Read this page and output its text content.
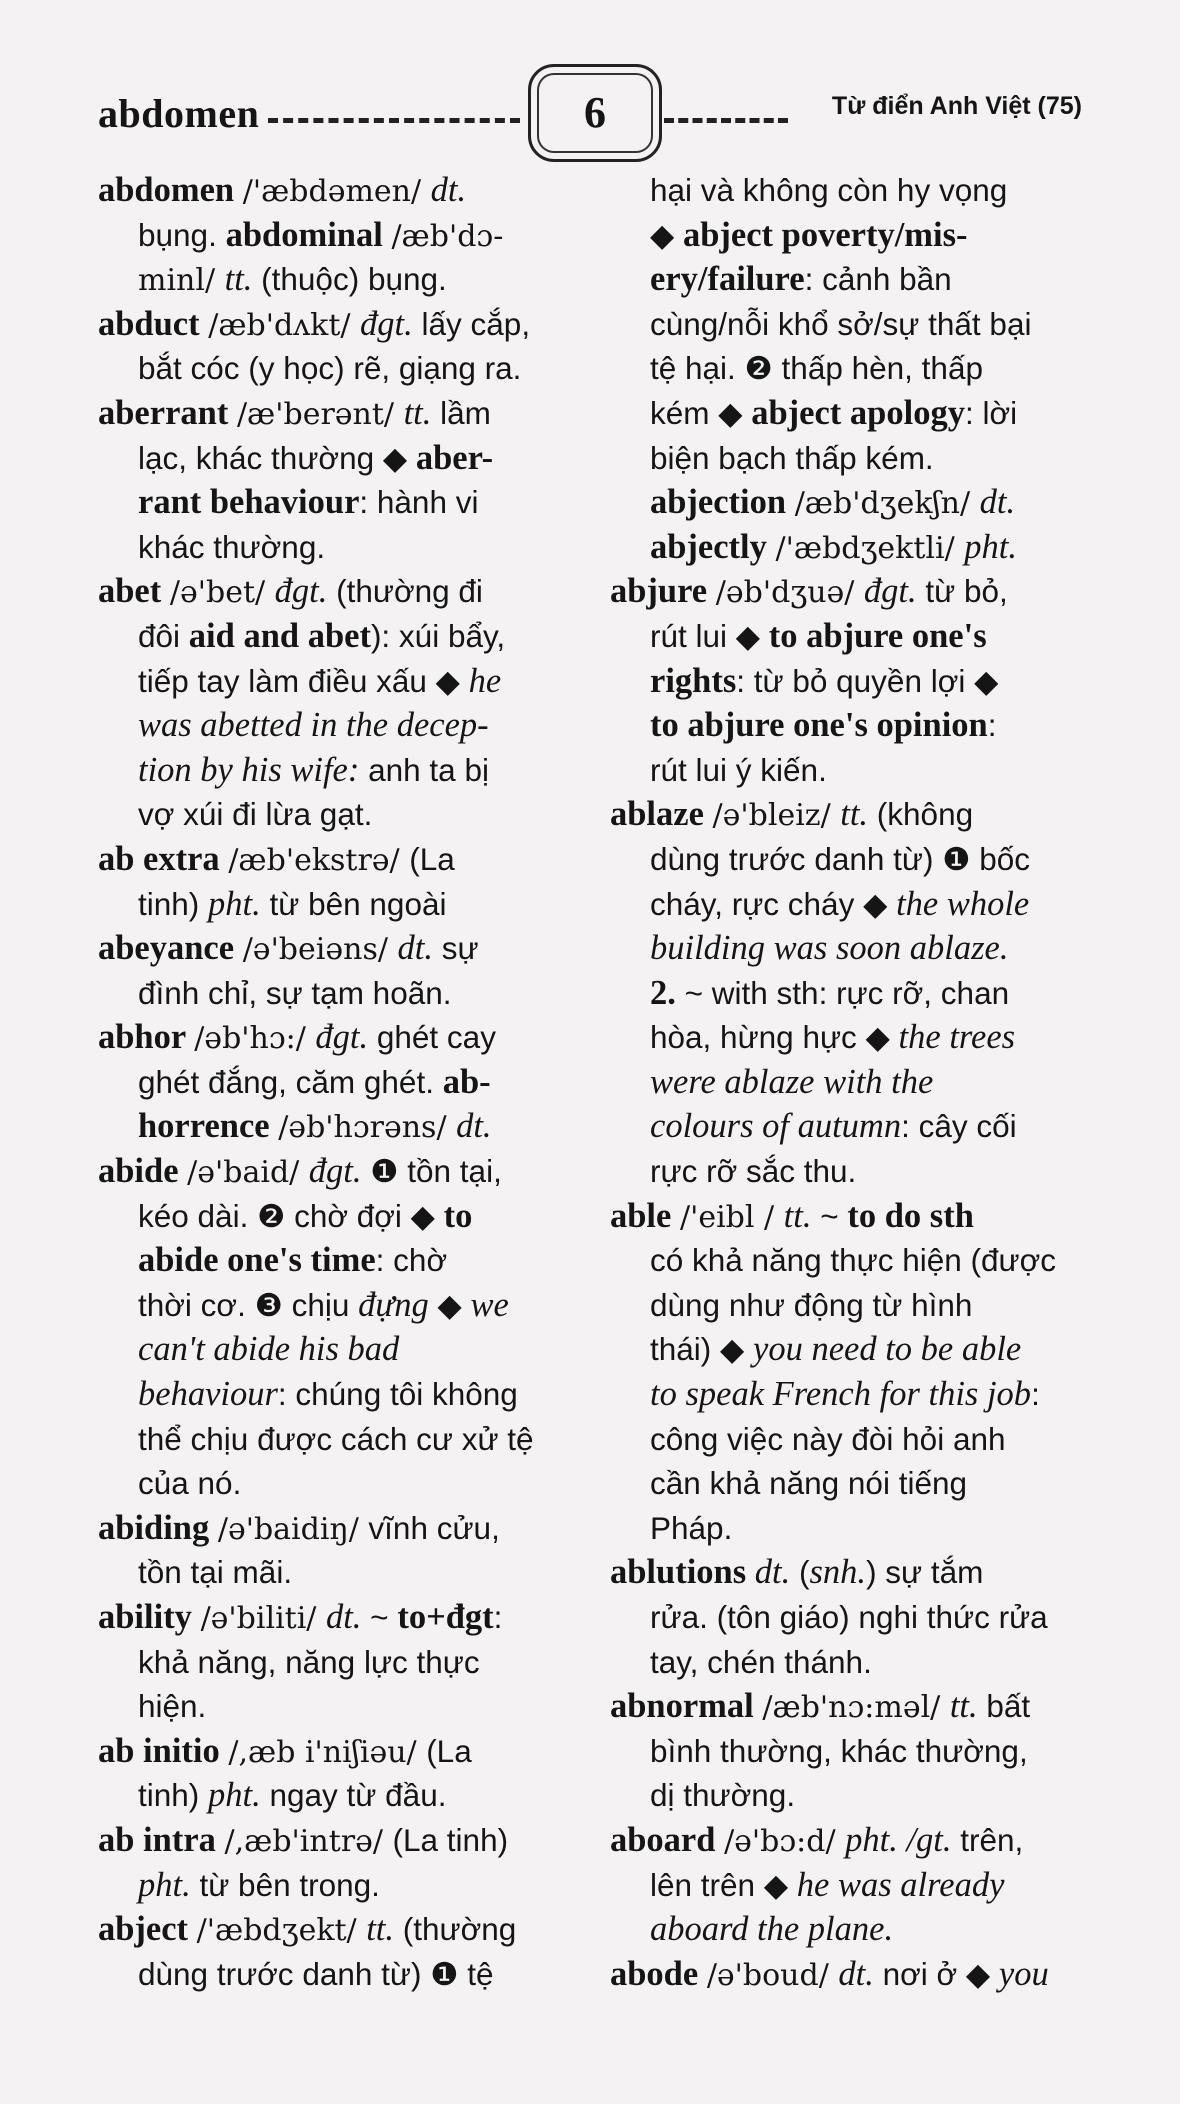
abdomen	6	Từ điển Anh Việt (75)
abdomen /'æbdəmen/ dt.
bụng. abdominal /æb'dɔ-
minl/ tt. (thuộc) bụng.
abduct /æb'dʌkt/ đgt. lấy cắp,
bắt cóc (y học) rẽ, giạng ra.
aberrant /æ'berənt/ tt. lầm
lạc, khác thường ◆ aber-
rant behaviour: hành vi
khác thường.
abet /ə'bet/ đgt. (thường đi
đôi aid and abet): xúi bẩy,
tiếp tay làm điều xấu ◆ he
was abetted in the decep-
tion by his wife: anh ta bị
vợ xúi đi lừa gạt.
ab extra /æb'ekstrə/ (La
tinh) pht. từ bên ngoài
abeyance /ə'beiəns/ dt. sự
đình chỉ, sự tạm hoãn.
abhor /əb'hɔ:/ đgt. ghét cay
ghét đắng, căm ghét. ab-
horrence /əb'hɔrəns/ dt.
abide /ə'baid/ đgt. ❶ tồn tại,
kéo dài. ❷ chờ đợi ◆ to
abide one's time: chờ
thời cơ. ❸ chịu đựng ◆ we
can't abide his bad
behaviour: chúng tôi không
thể chịu được cách cư xử tệ
của nó.
abiding /ə'baidiŋ/ vĩnh cửu,
tồn tại mãi.
ability /ə'biliti/ dt. ~ to+đgt:
khả năng, năng lực thực
hiện.
ab initio /,æb i'niʃiəu/ (La
tinh) pht. ngay từ đầu.
ab intra /,æb'intrə/ (La tinh)
pht. từ bên trong.
abject /'æbdʒekt/ tt. (thường
dùng trước danh từ) ❶ tệ
hại và không còn hy vọng
◆ abject poverty/mis-
ery/failure: cảnh bần
cùng/nỗi khổ sở/sự thất bại
tệ hại. ❷ thấp hèn, thấp
kém ◆ abject apology: lời
biện bạch thấp kém.
abjection /æb'dʒekʃn/ dt.
abjectly /'æbdʒektli/ pht.
abjure /əb'dʒuə/ đgt. từ bỏ,
rút lui ◆ to abjure one's
rights: từ bỏ quyền lợi ◆
to abjure one's opinion:
rút lui ý kiến.
ablaze /ə'bleiz/ tt. (không
dùng trước danh từ) ❶ bốc
cháy, rực cháy ◆ the whole
building was soon ablaze.
2. ~ with sth: rực rỡ, chan
hòa, hừng hực ◆ the trees
were ablaze with the
colours of autumn: cây cối
rực rỡ sắc thu.
able /'eibl / tt. ~ to do sth
có khả năng thực hiện (được
dùng như động từ hình
thái) ◆ you need to be able
to speak French for this job:
công việc này đòi hỏi anh
cần khả năng nói tiếng
Pháp.
ablutions dt. (snh.) sự tắm
rửa. (tôn giáo) nghi thức rửa
tay, chén thánh.
abnormal /æb'nɔ:məl/ tt. bất
bình thường, khác thường,
dị thường.
aboard /ə'bɔ:d/ pht. /gt. trên,
lên trên ◆ he was already
aboard the plane.
abode /ə'boud/ dt. nơi ở ◆ you
